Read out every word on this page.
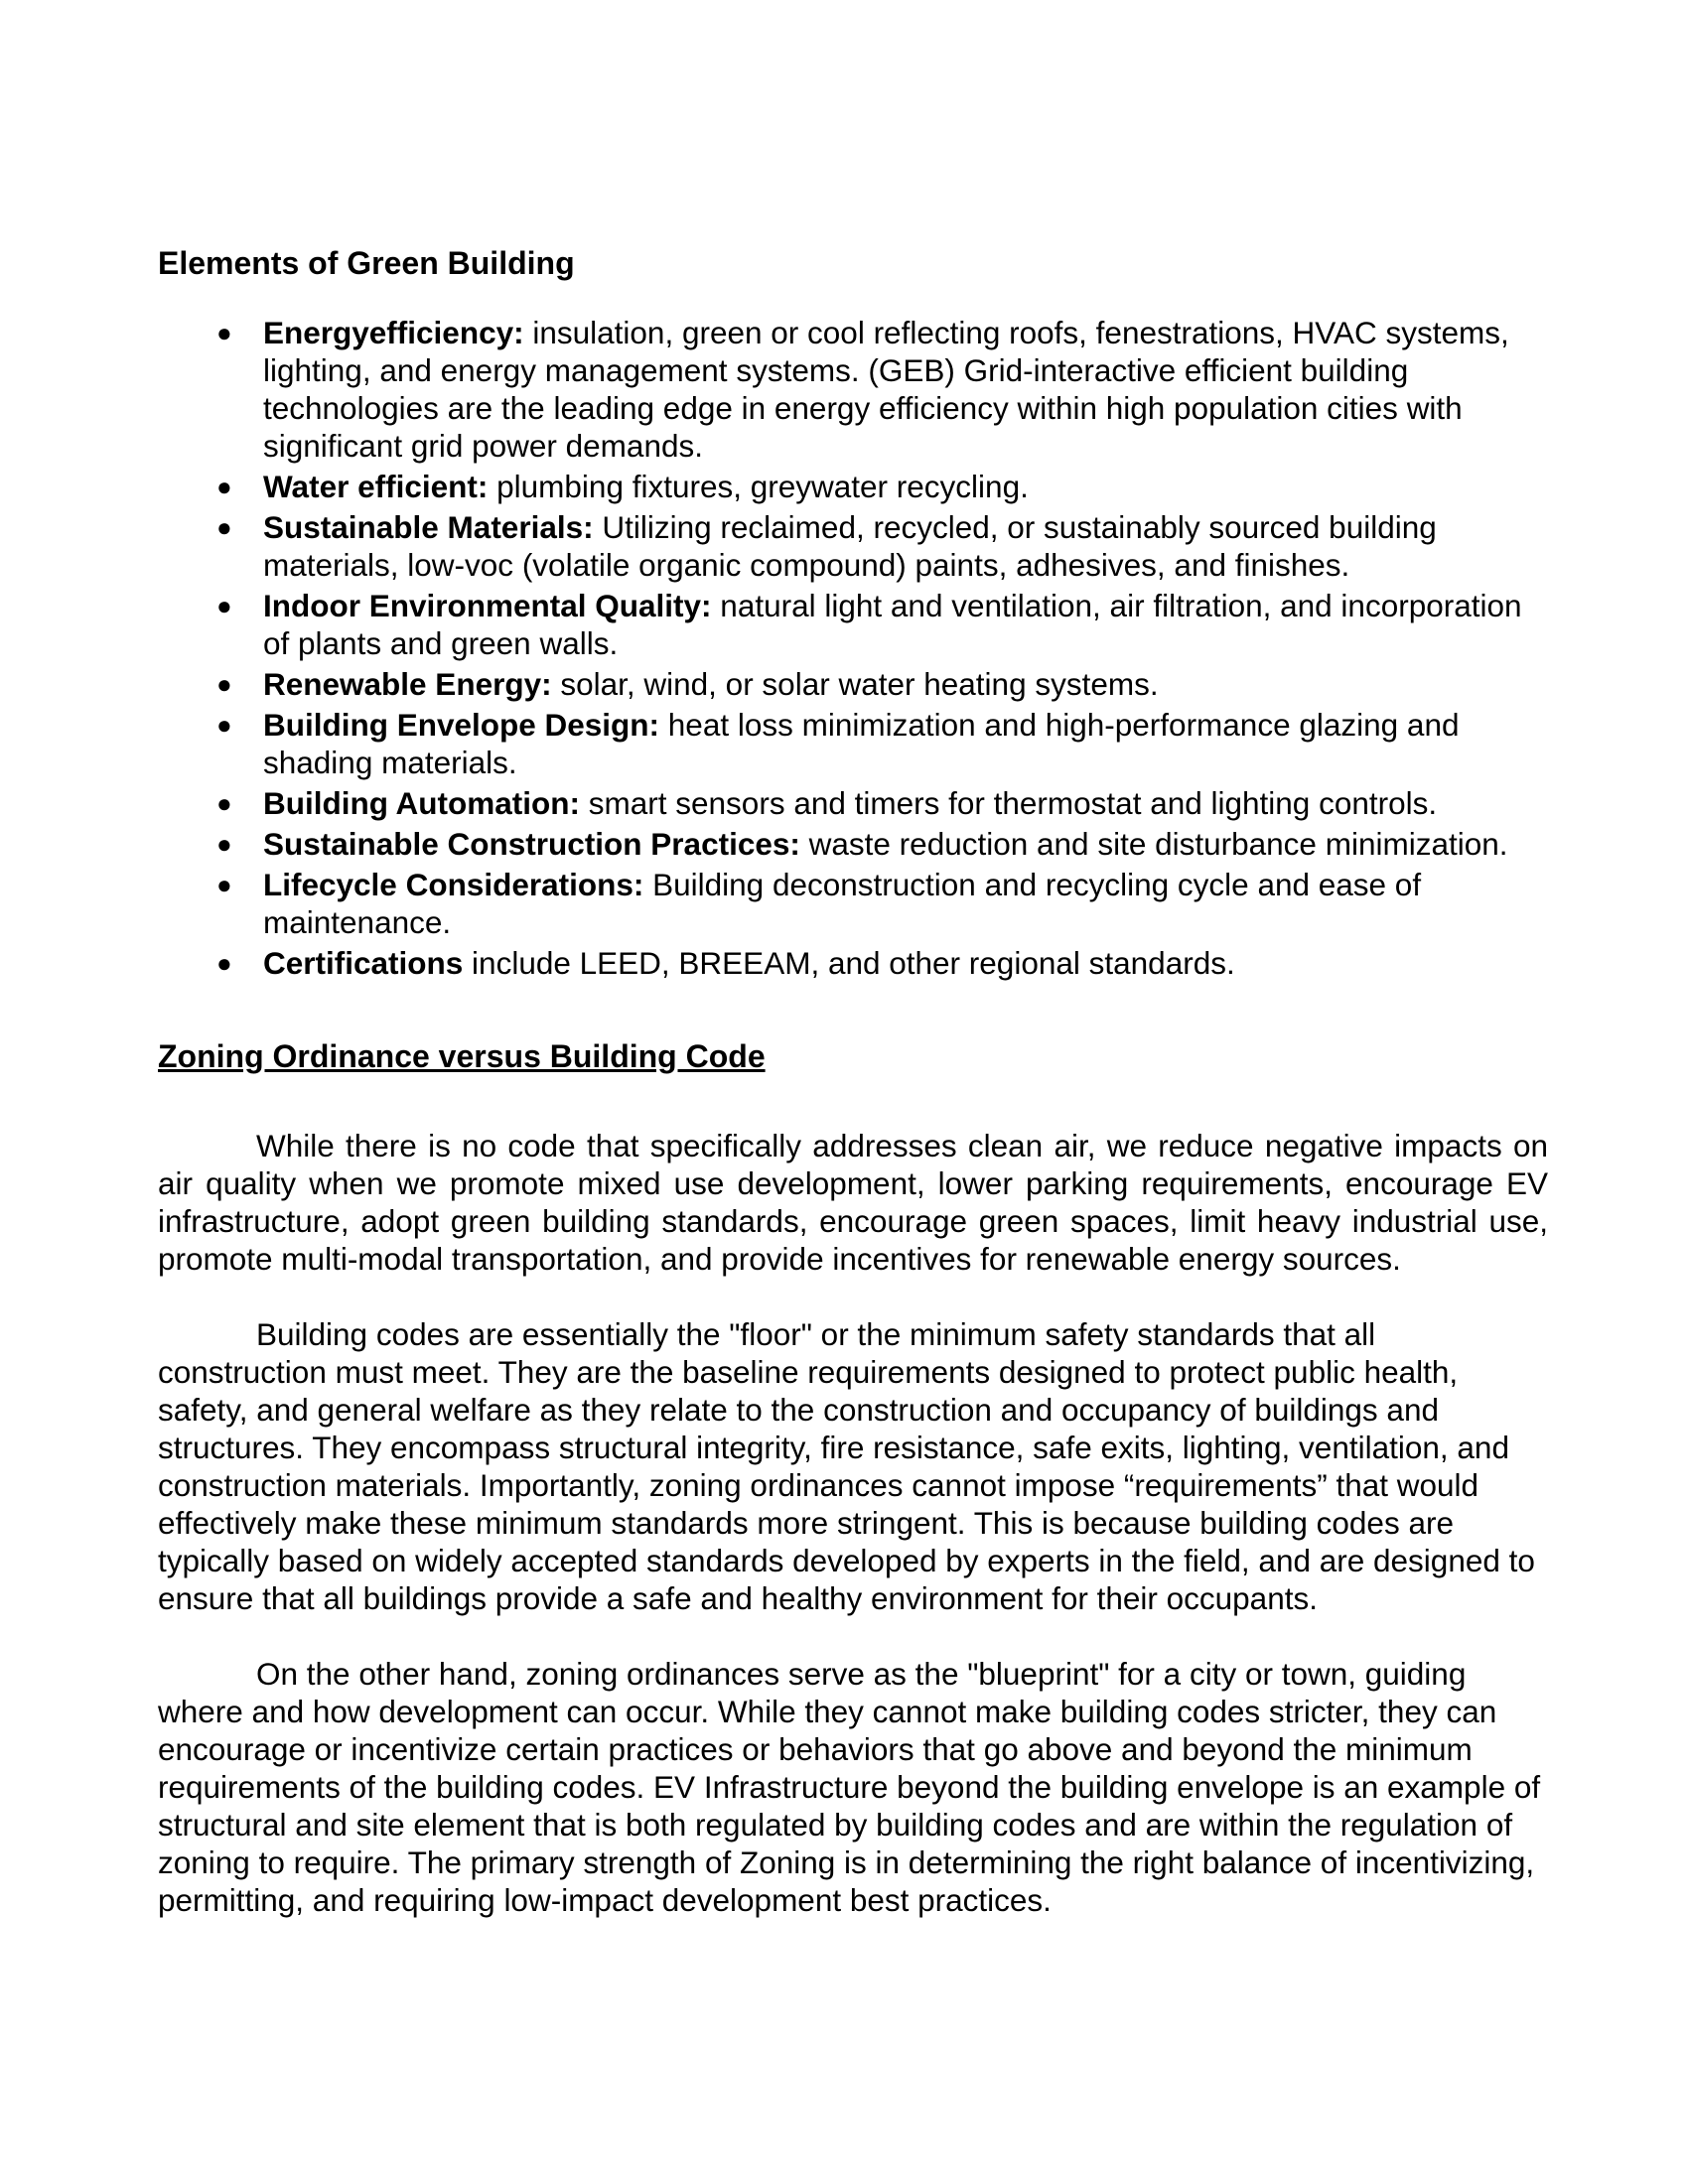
Elements of Green Building
● Energyefficiency: insulation, green or cool reflecting roofs, fenestrations, HVAC systems, lighting, and energy management systems. (GEB) Grid-interactive efficient building technologies are the leading edge in energy efficiency within high population cities with significant grid power demands.
● Water efficient: plumbing fixtures, greywater recycling.
● Sustainable Materials: Utilizing reclaimed, recycled, or sustainably sourced building materials, low-voc (volatile organic compound) paints, adhesives, and finishes.
● Indoor Environmental Quality: natural light and ventilation, air filtration, and incorporation of plants and green walls.
● Renewable Energy: solar, wind, or solar water heating systems.
● Building Envelope Design: heat loss minimization and high-performance glazing and shading materials.
● Building Automation: smart sensors and timers for thermostat and lighting controls.
● Sustainable Construction Practices: waste reduction and site disturbance minimization.
● Lifecycle Considerations: Building deconstruction and recycling cycle and ease of maintenance.
● Certifications include LEED, BREEAM, and other regional standards.
Zoning Ordinance versus Building Code

While there is no code that specifically addresses clean air, we reduce negative impacts on air quality when we promote mixed use development, lower parking requirements, encourage EV infrastructure, adopt green building standards, encourage green spaces, limit heavy industrial use, promote multi-modal transportation, and provide incentives for renewable energy sources.

Building codes are essentially the "floor" or the minimum safety standards that all construction must meet. They are the baseline requirements designed to protect public health, safety, and general welfare as they relate to the construction and occupancy of buildings and structures. They encompass structural integrity, fire resistance, safe exits, lighting, ventilation, and construction materials. Importantly, zoning ordinances cannot impose “requirements” that would effectively make these minimum standards more stringent. This is because building codes are typically based on widely accepted standards developed by experts in the field, and are designed to ensure that all buildings provide a safe and healthy environment for their occupants.

On the other hand, zoning ordinances serve as the "blueprint" for a city or town, guiding where and how development can occur. While they cannot make building codes stricter, they can encourage or incentivize certain practices or behaviors that go above and beyond the minimum requirements of the building codes. EV Infrastructure beyond the building envelope is an example of structural and site element that is both regulated by building codes and are within the regulation of zoning to require. The primary strength of Zoning is in determining the right balance of incentivizing, permitting, and requiring low-impact development best practices.
